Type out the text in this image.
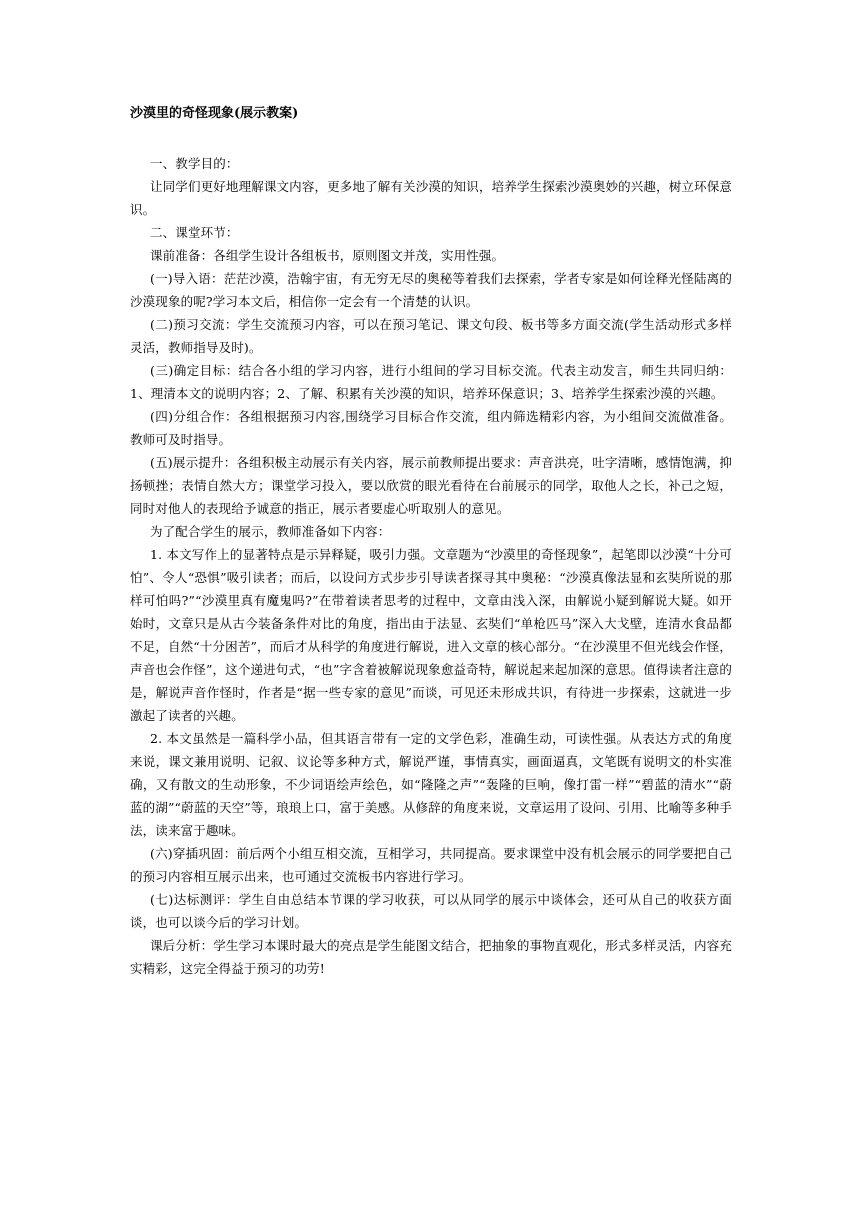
沙漠里的奇怪现象(展示教案)

一、教学目的：

让同学们更好地理解课文内容，更多地了解有关沙漠的知识，培养学生探索沙漠奥妙的兴趣，树立环保意识。

二、课堂环节：

课前准备：各组学生设计各组板书，原则图文并茂，实用性强。

(一)导入语：茫茫沙漠，浩翰宇宙，有无穷无尽的奥秘等着我们去探索，学者专家是如何诠释光怪陆离的沙漠现象的呢?学习本文后，相信你一定会有一个清楚的认识。

(二)预习交流：学生交流预习内容，可以在预习笔记、课文句段、板书等多方面交流(学生活动形式多样灵活，教师指导及时)。

(三)确定目标：结合各小组的学习内容，进行小组间的学习目标交流。代表主动发言，师生共同归纳：1、理清本文的说明内容；2、了解、积累有关沙漠的知识，培养环保意识；3、培养学生探索沙漠的兴趣。

(四)分组合作：各组根据预习内容,围绕学习目标合作交流，组内筛选精彩内容，为小组间交流做准备。教师可及时指导。

(五)展示提升：各组积极主动展示有关内容，展示前教师提出要求：声音洪亮，吐字清晰，感情饱满，抑扬顿挫；表情自然大方；课堂学习投入，要以欣赏的眼光看待在台前展示的同学，取他人之长，补己之短，同时对他人的表现给予诚意的指正，展示者要虚心听取别人的意见。

为了配合学生的展示，教师准备如下内容：

1. 本文写作上的显著特点是示异释疑，吸引力强。文章题为“沙漠里的奇怪现象”，起笔即以沙漠“十分可怕”、令人“恐惧”吸引读者；而后，以设问方式步步引导读者探寻其中奥秘：“沙漠真像法显和玄奘所说的那样可怕吗?”“沙漠里真有魔鬼吗?”在带着读者思考的过程中，文章由浅入深，由解说小疑到解说大疑。如开始时，文章只是从古今装备条件对比的角度，指出由于法显、玄奘们“单枪匹马”深入大戈壁，连清水食品都不足，自然“十分困苦”，而后才从科学的角度进行解说，进入文章的核心部分。“在沙漠里不但光线会作怪，声音也会作怪”，这个递进句式，“也”字含着被解说现象愈益奇特，解说起来起加深的意思。值得读者注意的是，解说声音作怪时，作者是“据一些专家的意见”而谈，可见还未形成共识，有待进一步探索，这就进一步激起了读者的兴趣。

2. 本文虽然是一篇科学小品，但其语言带有一定的文学色彩，准确生动，可读性强。从表达方式的角度来说，课文兼用说明、记叙、议论等多种方式，解说严谨，事情真实，画面逼真，文笔既有说明文的朴实准确，又有散文的生动形象，不少词语绘声绘色，如“隆隆之声”“轰隆的巨响，像打雷一样”“碧蓝的清水”“蔚蓝的湖”“蔚蓝的天空”等，琅琅上口，富于美感。从修辞的角度来说，文章运用了设问、引用、比喻等多种手法，读来富于趣味。

(六)穿插巩固：前后两个小组互相交流，互相学习，共同提高。要求课堂中没有机会展示的同学要把自己的预习内容相互展示出来，也可通过交流板书内容进行学习。

(七)达标测评：学生自由总结本节课的学习收获，可以从同学的展示中谈体会，还可从自己的收获方面谈，也可以谈今后的学习计划。

课后分析：学生学习本课时最大的亮点是学生能图文结合，把抽象的事物直观化，形式多样灵活，内容充实精彩，这完全得益于预习的功劳!
